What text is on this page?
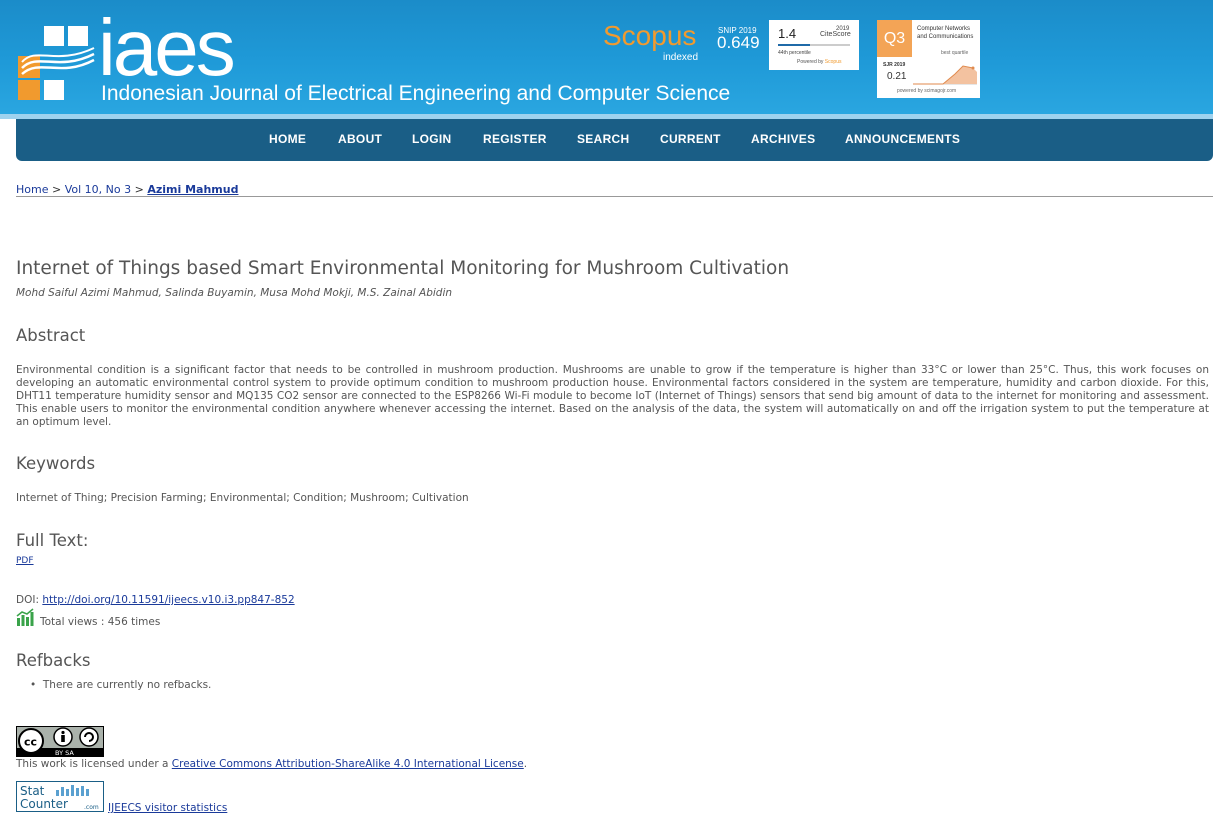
iaes
Indonesian Journal of Electrical Engineering and Computer Science
Scopus
indexed
SNIP 2019
0.649 1.4	2019
CiteScore
44th percentile
Powered by Scopus
Q3
Computer Networks and Communications
best quartile
SJR 2019
0.21
powered by scimagojr.com
HOME	ABOUT LOGIN	REGISTER	SEARCH	CURRENT	ARCHIVES ANNOUNCEMENTS
Home > Vol 10, No 3 > Azimi Mahmud
Internet of Things based Smart Environmental Monitoring for Mushroom Cultivation
Mohd Saiful Azimi Mahmud, Salinda Buyamin, Musa Mohd Mokji, M.S. Zainal Abidin
Abstract
Environmental condition is a significant factor that needs to be controlled in mushroom production. Mushrooms are unable to grow if the temperature is higher than 33°C or lower than 25°C. Thus, this work focuses on developing an automatic environmental control system to provide optimum condition to mushroom production house. Environmental factors considered in the system are temperature, humidity and carbon dioxide. For this, DHT11 temperature humidity sensor and MQ135 CO2 sensor are connected to the ESP8266 Wi-Fi module to become IoT (Internet of Things) sensors that send big amount of data to the internet for monitoring and assessment. This enable users to monitor the environmental condition anywhere whenever accessing the internet. Based on the analysis of the data, the system will automatically on and off the irrigation system to put the temperature at an optimum level.
Keywords
Internet of Thing; Precision Farming; Environmental; Condition; Mushroom; Cultivation
Full Text:
PDF
DOI: http://doi.org/10.11591/ijeecs.v10.i3.pp847-852
Total views : 456 times
Refbacks
•  There are currently no refbacks.
cc
BY SA
This work is licensed under a Creative Commons Attribution-ShareAlike 4.0 International License.
Stat
Counter	.com IJEECS visitor statistics
